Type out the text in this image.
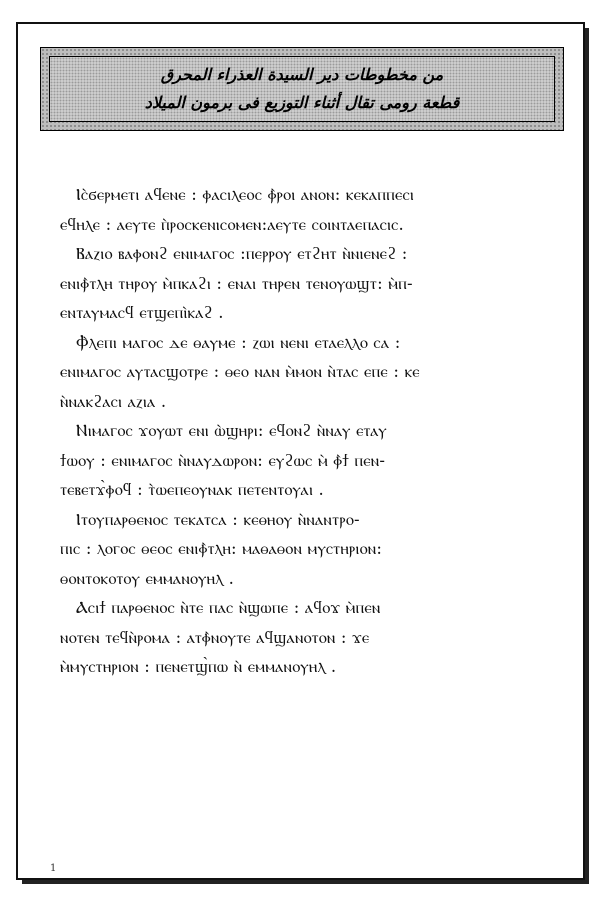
من مخطوطات دير السيدة العذراء المحرق
قطعة رومى تقال أثناء التوزيع فى برمون الميلاد
Ⲓⲥ̀ϭⲉⲣⲙⲉⲧⲓ ⲁϥⲉⲛⲉ : ⲫⲁⲥⲓⲗⲉⲟⲥ ⲫ̀ⲣⲟⲓ ⲁⲛⲟⲛ: ⲕⲉⲕⲁⲡⲡⲉⲥⲓ
ⲉϥⲏⲗⲉ : ⲁⲉⲩⲧⲉ ⲡ̀ⲣⲟⲥⲕⲉⲛⲓⲥⲟⲙⲉⲛ:ⲁⲉⲩⲧⲉ ⲥⲟⲓⲛⲧⲁⲉⲡⲁⲥⲓⲥ.
Ⲃⲁⲍⲓⲟ ⲃⲁⲫⲟⲛϩ ⲉⲛⲓⲙⲁⲅⲟⲥ :ⲡⲉⲣⲣⲟⲩ ⲉⲧϩⲏⲧ ⲛ̀ⲛⲓⲉⲛⲉϩ :
ⲉⲛⲓⲫ̀ⲧⲗⲏ ⲧⲏⲣⲟⲩ ⲙ̀ⲡⲕⲁϩⲓ : ⲉⲛⲁⲓ ⲧⲏⲣⲉⲛ ⲧⲉⲛⲟⲩⲱϣⲧ: ⲙ̀ⲡ-
ⲉⲛⲧⲁⲩⲙⲁⲥϥ ⲉⲧϣⲉⲡⲓ̀ⲕⲁϩ .
Ⲫ̀ⲗⲉⲡⲓ ⲙⲁⲅⲟⲥ ⲇⲉ ⲑⲁⲩⲙⲉ : ⲍⲱⲓ ⲛⲉⲛⲓ ⲉⲧⲁⲉⲗⲗⲟ ⲥⲁ :
ⲉⲛⲓⲙⲁⲅⲟⲥ ⲁⲩⲧⲁⲥϣⲟⲧⲣⲉ : ⲑⲉⲟ ⲛⲁⲛ ⲙ̀ⲙⲟⲛ ⲛ̀ⲧⲁⲥ ⲉⲡⲉ : ⲕⲉ
ⲛ̀ⲛⲁⲕϩⲁⲥⲓ ⲁⲍⲓⲁ .
Ⲛⲓⲙⲁⲅⲟⲥ ϫⲟⲩⲱⲧ ⲉⲛⲓ ⲱ̀ϣⲏⲣⲓ: ⲉϥⲟⲛϩ ⲛ̀ⲛⲁⲩ ⲉⲧⲁⲩ
ϯⲱⲟⲩ : ⲉⲛⲓⲙⲁⲅⲟⲥ ⲛ̀ⲛⲁⲩⲇⲱⲣⲟⲛ: ⲉⲩϩⲱⲥ ⲙ̀ ⲫ̀ϯ ⲡⲉⲛ-
ⲧⲉⲃⲉⲧϫ̀ⲫⲟϥ : ⲧ̀ⲱⲉⲡⲉⲟⲩⲛⲁⲕ ⲡⲉⲧⲉⲛⲧⲟⲩⲁⲓ .
Ⲓⲧⲟⲩⲡⲁⲣⲑⲉⲛⲟⲥ ⲧⲉⲕⲁⲧⲥⲁ : ⲕⲉⲑⲏⲟⲩ ⲛ̀ⲛⲁⲛⲧⲣⲟ-
ⲡⲓⲥ : ⲗⲟⲅⲟⲥ ⲑⲉⲟⲥ ⲉⲛⲓⲫ̀ⲧⲗⲏ: ⲙⲁⲑⲁⲑⲟⲛ ⲙⲩⲥⲧⲏⲣⲓⲟⲛ:
ⲑⲟⲛⲧⲟⲕⲟⲧⲟⲩ ⲉⲙⲙⲁⲛⲟⲩⲏⲗ .
Ⲁⲥⲓϯ ⲡⲁⲣⲑⲉⲛⲟⲥ ⲛ̀ⲧⲉ ⲡⲁⲥ ⲛ̀ϣⲱⲡⲉ : ⲁϥⲟϫ ⲙ̀ⲡⲉⲛ
ⲛⲟⲧⲉⲛ ⲧⲉϥⲛ̀ⲣⲟⲙⲁ : ⲁⲧⲫ̀ⲛⲟⲩⲧⲉ ⲁϥϣⲁⲛⲟⲧⲟⲛ : ϫⲉ
ⲙ̀ⲙⲩⲥⲧⲏⲣⲓⲟⲛ : ⲡⲉⲛⲉⲧϣ̀ⲡⲱ ⲛ̀ ⲉⲙⲙⲁⲛⲟⲩⲏⲗ .
1
